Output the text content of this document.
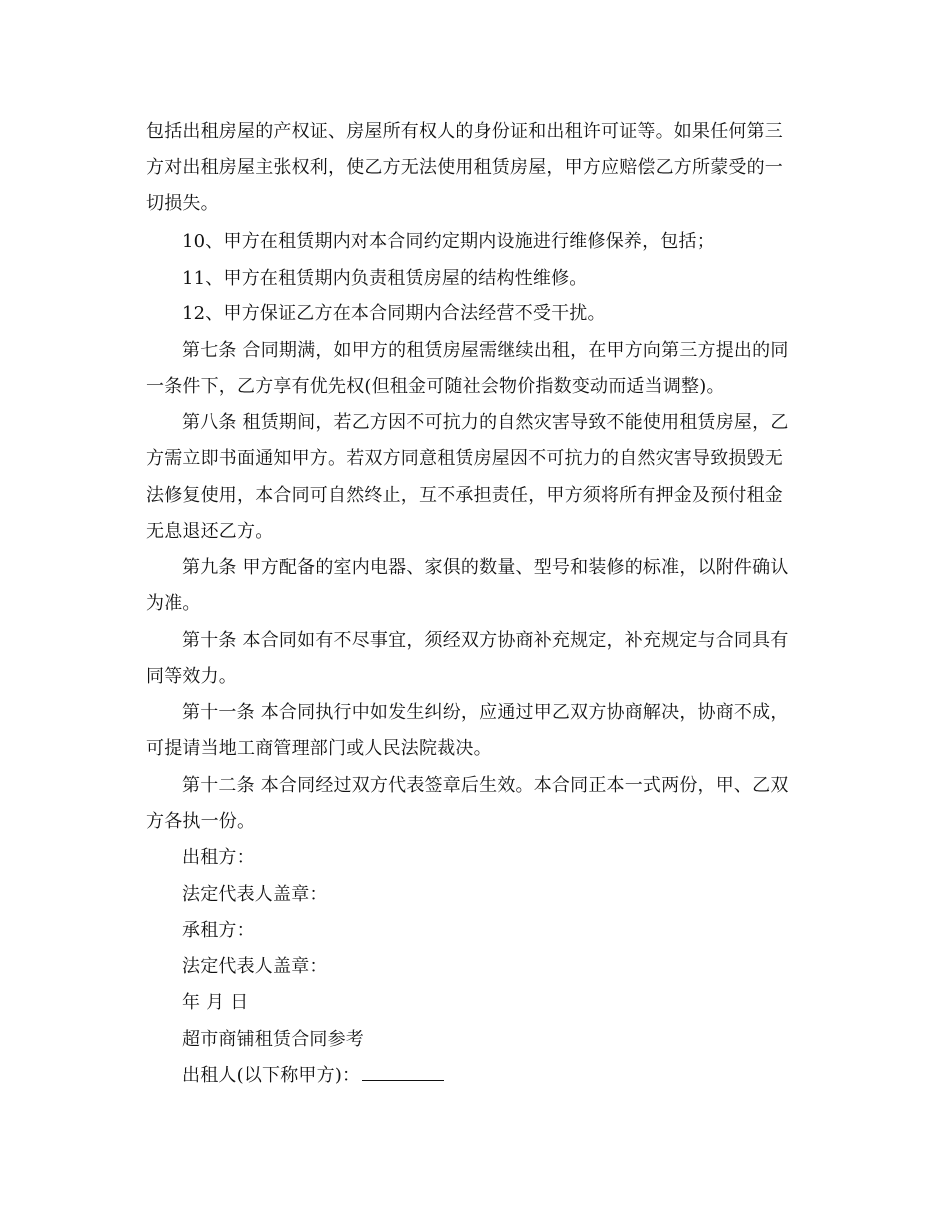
包括出租房屋的产权证、房屋所有权人的身份证和出租许可证等。如果任何第三
方对出租房屋主张权利，使乙方无法使用租赁房屋，甲方应赔偿乙方所蒙受的一
切损失。
10、甲方在租赁期内对本合同约定期内设施进行维修保养，包括；
11、甲方在租赁期内负责租赁房屋的结构性维修。
12、甲方保证乙方在本合同期内合法经营不受干扰。
第七条 合同期满，如甲方的租赁房屋需继续出租，在甲方向第三方提出的同
一条件下，乙方享有优先权(但租金可随社会物价指数变动而适当调整)。
第八条 租赁期间，若乙方因不可抗力的自然灾害导致不能使用租赁房屋，乙
方需立即书面通知甲方。若双方同意租赁房屋因不可抗力的自然灾害导致损毁无
法修复使用，本合同可自然终止，互不承担责任，甲方须将所有押金及预付租金
无息退还乙方。
第九条 甲方配备的室内电器、家俱的数量、型号和装修的标准，以附件确认
为准。
第十条 本合同如有不尽事宜，须经双方协商补充规定，补充规定与合同具有
同等效力。
第十一条 本合同执行中如发生纠纷，应通过甲乙双方协商解决，协商不成，
可提请当地工商管理部门或人民法院裁决。
第十二条 本合同经过双方代表签章后生效。本合同正本一式两份，甲、乙双
方各执一份。
出租方：
法定代表人盖章：
承租方：
法定代表人盖章：
年 月 日
超市商铺租赁合同参考
出租人(以下称甲方)：
